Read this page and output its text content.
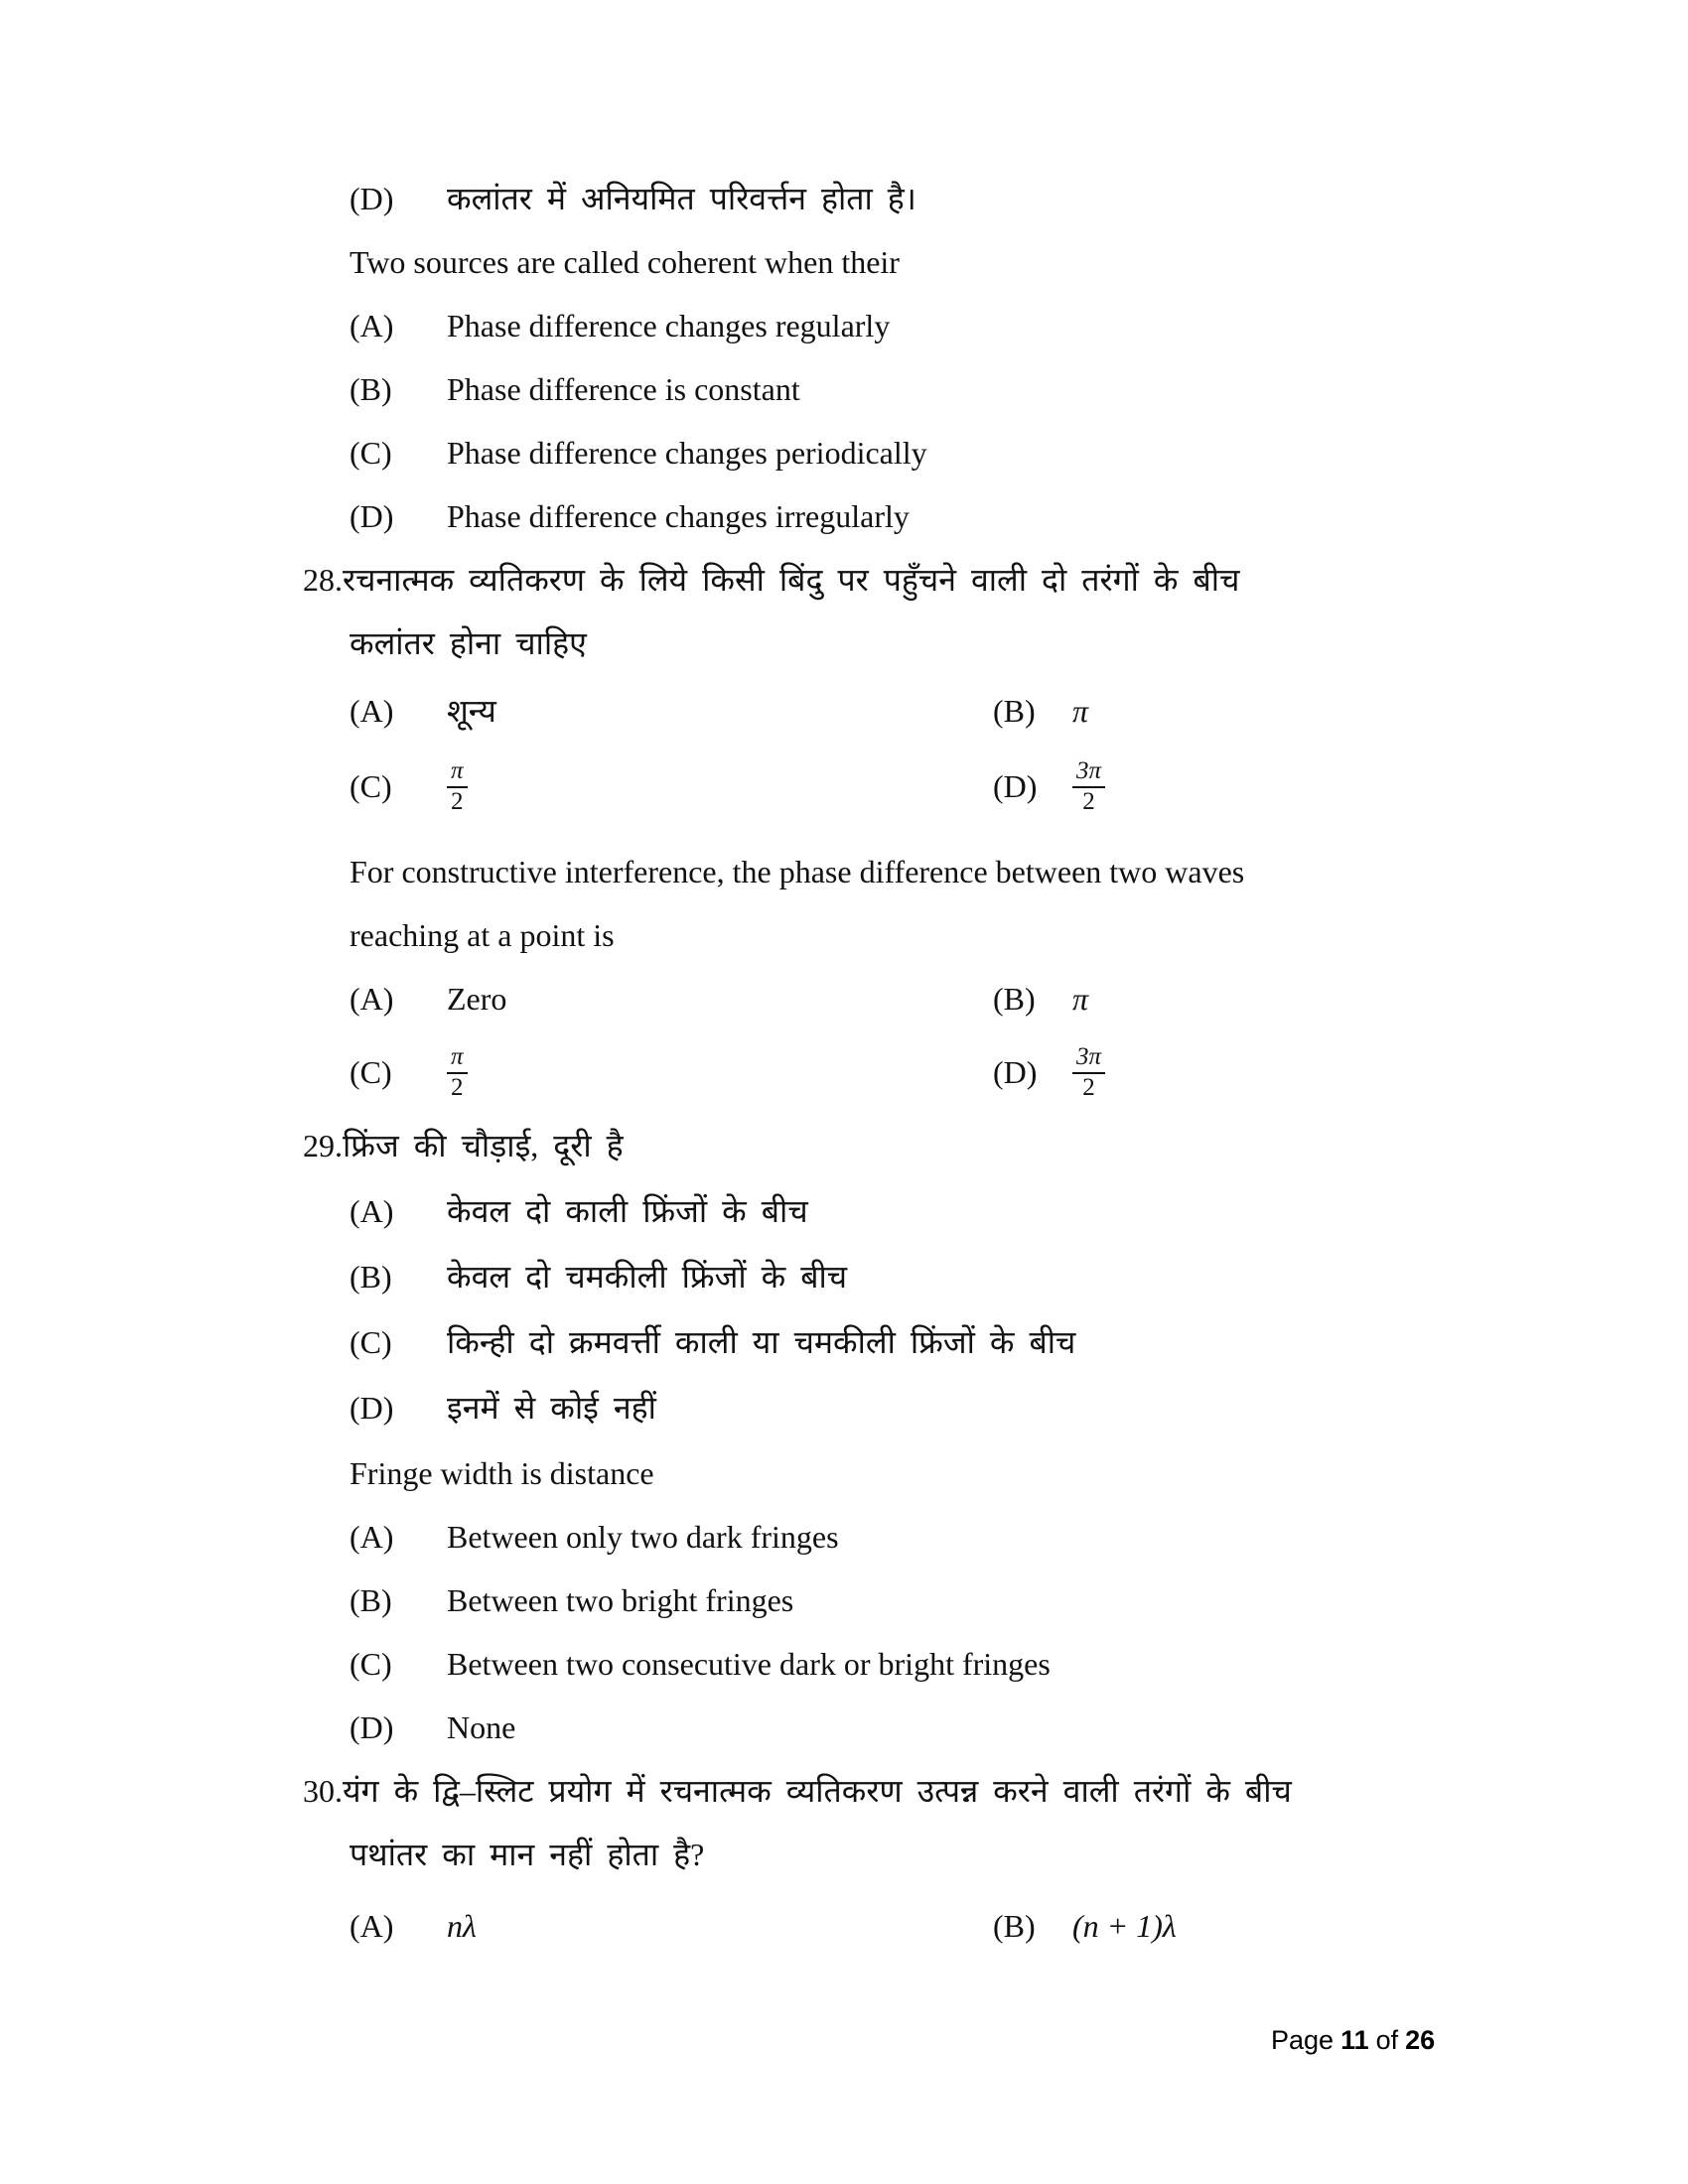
(D)	कलांतर में अनियमित परिवर्त्तन होता है।
Two sources are called coherent when their
(A)	Phase difference changes regularly
(B)	Phase difference is constant
(C)	Phase difference changes periodically
(D)	Phase difference changes irregularly
28. रचनात्मक व्यतिकरण के लिये किसी बिंदु पर पहुँचने वाली दो तरंगों के बीच
कलांतर होना चाहिए
(A)	शून्य	(B)	π
(C)	$\frac{\pi}{2}$	(D)	$\frac{3\pi}{2}$
For constructive interference, the phase difference between two waves
reaching at a point is
(A)	Zero	(B)	π
(C)	$\frac{\pi}{2}$	(D)	$\frac{3\pi}{2}$
29. फ्रिंज की चौड़ाई, दूरी है
(A)	केवल दो काली फ्रिंजों के बीच
(B)	केवल दो चमकीली फ्रिंजों के बीच
(C)	किन्ही दो क्रमवर्त्ती काली या चमकीली फ्रिंजों के बीच
(D)	इनमें से कोई नहीं
Fringe width is distance
(A)	Between only two dark fringes
(B)	Between two bright fringes
(C)	Between two consecutive dark or bright fringes
(D)	None
30. यंग के द्वि–स्लिट प्रयोग में रचनात्मक व्यतिकरण उत्पन्न करने वाली तरंगों के बीच
पथांतर का मान नहीं होता है?
(A)	nλ	(B)	(n + 1)λ
Page 11 of 26
